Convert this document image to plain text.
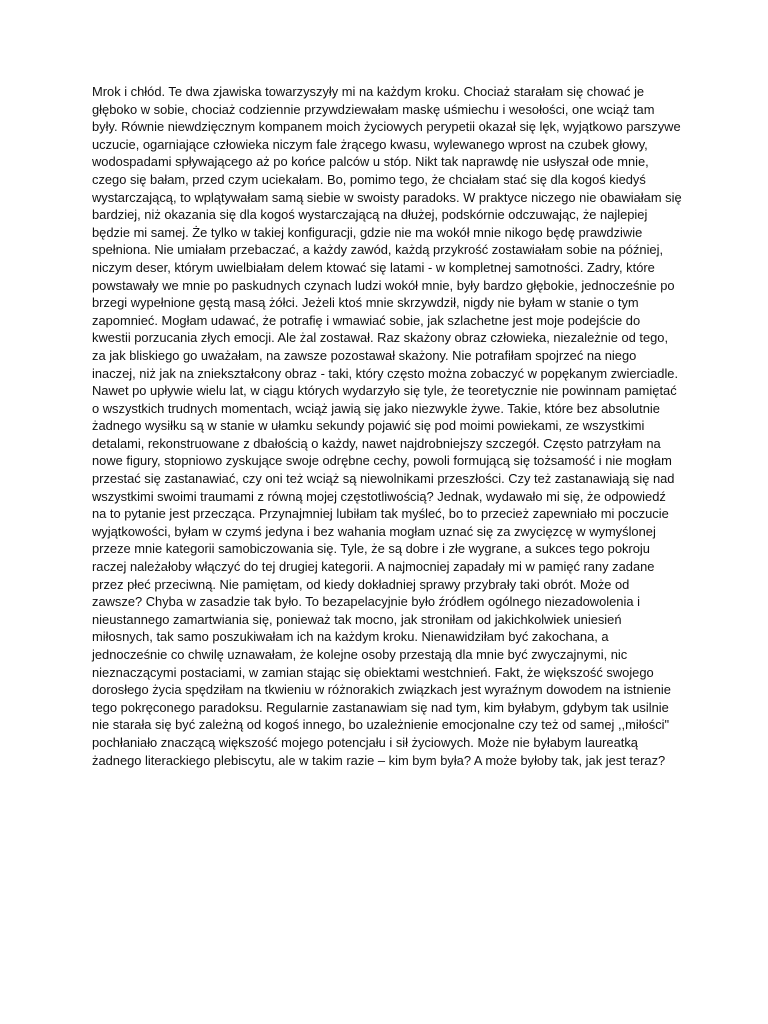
Mrok i chłód. Te dwa zjawiska towarzyszyły mi na każdym kroku. Chociaż starałam się chować je głęboko w sobie, chociaż codziennie przywdziewałam maskę uśmiechu i wesołości, one wciąż tam były. Równie niewdzięcznym kompanem moich życiowych perypetii okazał się lęk, wyjątkowo parszywe uczucie, ogarniające człowieka niczym fale żrącego kwasu, wylewanego wprost na czubek głowy, wodospadami spływającego aż po końce palców u stóp. Nikt tak naprawdę nie usłyszał ode mnie, czego się bałam, przed czym uciekałam. Bo, pomimo tego, że chciałam stać się dla kogoś kiedyś wystarczającą, to wplątywałam samą siebie w swoisty paradoks. W praktyce niczego nie obawiałam się bardziej, niż okazania się dla kogoś wystarczającą na dłużej, podskórnie odczuwając, że najlepiej będzie mi samej. Że tylko w takiej konfiguracji, gdzie nie ma wokół mnie nikogo będę prawdziwie spełniona. Nie umiałam przebaczać, a każdy zawód, każdą przykrość zostawiałam sobie na później, niczym deser, którym uwielbiałam delem ktować się latami - w kompletnej samotności. Zadry, które powstawały we mnie po paskudnych czynach ludzi wokół mnie, były bardzo głębokie, jednocześnie po brzegi wypełnione gęstą masą żółci. Jeżeli ktoś mnie skrzywdził, nigdy nie byłam w stanie o tym zapomnieć. Mogłam udawać, że potrafię i wmawiać sobie, jak szlachetne jest moje podejście do kwestii porzucania złych emocji. Ale żal zostawał. Raz skażony obraz człowieka, niezależnie od tego, za jak bliskiego go uważałam, na zawsze pozostawał skażony. Nie potrafiłam spojrzeć na niego inaczej, niż jak na zniekształcony obraz - taki, który często można zobaczyć w popękanym zwierciadle. Nawet po upływie wielu lat, w ciągu których wydarzyło się tyle, że teoretycznie nie powinnam pamiętać o wszystkich trudnych momentach, wciąż jawią się jako niezwykle żywe. Takie, które bez absolutnie żadnego wysiłku są w stanie w ułamku sekundy pojawić się pod moimi powiekami, ze wszystkimi detalami, rekonstruowane z dbałością o każdy, nawet najdrobniejszy szczegół. Często patrzyłam na nowe figury, stopniowo zyskujące swoje odrębne cechy, powoli formującą się tożsamość i nie mogłam przestać się zastanawiać, czy oni też wciąż są niewolnikami przeszłości. Czy też zastanawiają się nad wszystkimi swoimi traumami z równą mojej częstotliwością? Jednak, wydawało mi się, że odpowiedź na to pytanie jest przecząca. Przynajmniej lubiłam tak myśleć, bo to przecież zapewniało mi poczucie wyjątkowości, byłam w czymś jedyna i bez wahania mogłam uznać się za zwycięzcę w wymyślonej przeze mnie kategorii samobiczowania się. Tyle, że są dobre i złe wygrane, a sukces tego pokroju raczej należałoby włączyć do tej drugiej kategorii. A najmocniej zapadały mi w pamięć rany zadane przez płeć przeciwną. Nie pamiętam, od kiedy dokładniej sprawy przybrały taki obrót. Może od zawsze? Chyba w zasadzie tak było. To bezapelacyjnie było źródłem ogólnego niezadowolenia i nieustannego zamartwiania się, ponieważ tak mocno, jak stroniłam od jakichkolwiek uniesień miłosnych, tak samo poszukiwałam ich na każdym kroku. Nienawidziłam być zakochana, a jednocześnie co chwilę uznawałam, że kolejne osoby przestają dla mnie być zwyczajnymi, nic nieznaczącymi postaciami, w zamian stając się obiektami westchnień. Fakt, że większość swojego dorosłego życia spędziłam na tkwieniu w różnorakich związkach jest wyraźnym dowodem na istnienie tego pokręconego paradoksu. Regularnie zastanawiam się nad tym, kim byłabym, gdybym tak usilnie nie starała się być zależną od kogoś innego, bo uzależnienie emocjonalne czy też od samej ,,miłości" pochłaniało znaczącą większość mojego potencjału i sił życiowych. Może nie byłabym laureatką żadnego literackiego plebiscytu, ale w takim razie – kim bym była? A może byłoby tak, jak jest teraz?
